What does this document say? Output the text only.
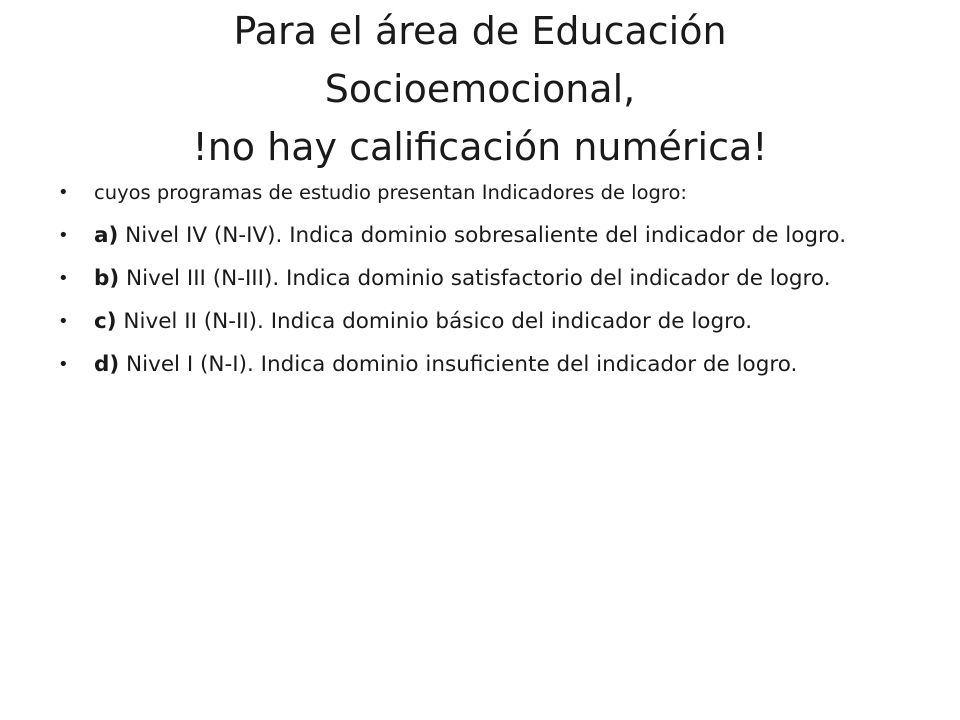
Para el área de Educación
Socioemocional,
!no hay calificación numérica!
• cuyos programas de estudio presentan Indicadores de logro:
• a) Nivel IV (N-IV). Indica dominio sobresaliente del indicador de logro.
• b) Nivel III (N-III). Indica dominio satisfactorio del indicador de logro.
• c) Nivel II (N-II). Indica dominio básico del indicador de logro.
• d) Nivel I (N-I). Indica dominio insuficiente del indicador de logro.
